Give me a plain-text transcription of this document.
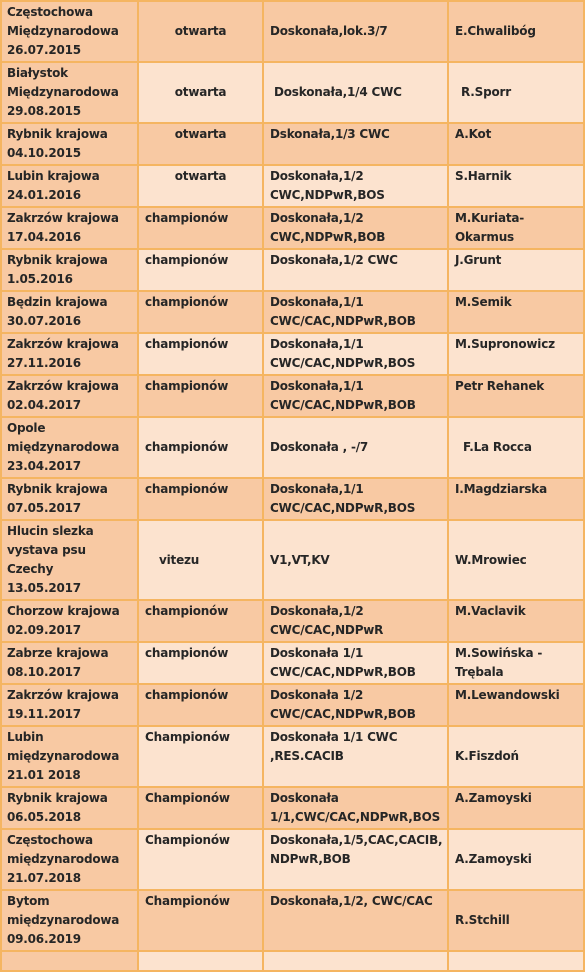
Częstochowa Międzynarodowa 26.07.2015	otwarta	Doskonała,lok.3/7	E.Chwalibóg
Białystok Międzynarodowa 29.08.2015	otwarta	Doskonała,1/4 CWC	R.Sporr
Rybnik krajowa 04.10.2015	otwarta	Dskonała,1/3 CWC	A.Kot
Lubin krajowa 24.01.2016	otwarta	Doskonała,1/2 CWC,NDPwR,BOS	S.Harnik
Zakrzów krajowa 17.04.2016	championów	Doskonała,1/2 CWC,NDPwR,BOB	M.Kuriata-Okarmus
Rybnik krajowa 1.05.2016	championów	Doskonała,1/2 CWC	J.Grunt
Będzin krajowa 30.07.2016	championów	Doskonała,1/1 CWC/CAC,NDPwR,BOB	M.Semik
Zakrzów krajowa 27.11.2016	championów	Doskonała,1/1 CWC/CAC,NDPwR,BOS	M.Supronowicz
Zakrzów krajowa 02.04.2017	championów	Doskonała,1/1 CWC/CAC,NDPwR,BOB	Petr Rehanek
Opole międzynarodowa 23.04.2017	championów	Doskonała , -/7	F.La Rocca
Rybnik krajowa 07.05.2017	championów	Doskonała,1/1 CWC/CAC,NDPwR,BOS	I.Magdziarska
Hlucin slezka vystava psu Czechy 13.05.2017	vitezu	V1,VT,KV	W.Mrowiec
Chorzow krajowa 02.09.2017	championów	Doskonała,1/2 CWC/CAC,NDPwR	M.Vaclavik
Zabrze krajowa 08.10.2017	championów	Doskonała 1/1 CWC/CAC,NDPwR,BOB	M.Sowińska - Trębala
Zakrzów krajowa 19.11.2017	championów	Doskonała 1/2 CWC/CAC,NDPwR,BOB	M.Lewandowski
Lubin międzynarodowa 21.01 2018	Championów	Doskonała 1/1 CWC ,RES.CACIB	K.Fiszdoń
Rybnik krajowa 06.05.2018	Championów	Doskonała 1/1,CWC/CAC,NDPwR,BOS	A.Zamoyski
Częstochowa międzynarodowa 21.07.2018	Championów	Doskonała,1/5,CAC,CACIB, NDPwR,BOB	A.Zamoyski
Bytom międzynarodowa 09.06.2019	Championów	Doskonała,1/2, CWC/CAC	R.Stchill
